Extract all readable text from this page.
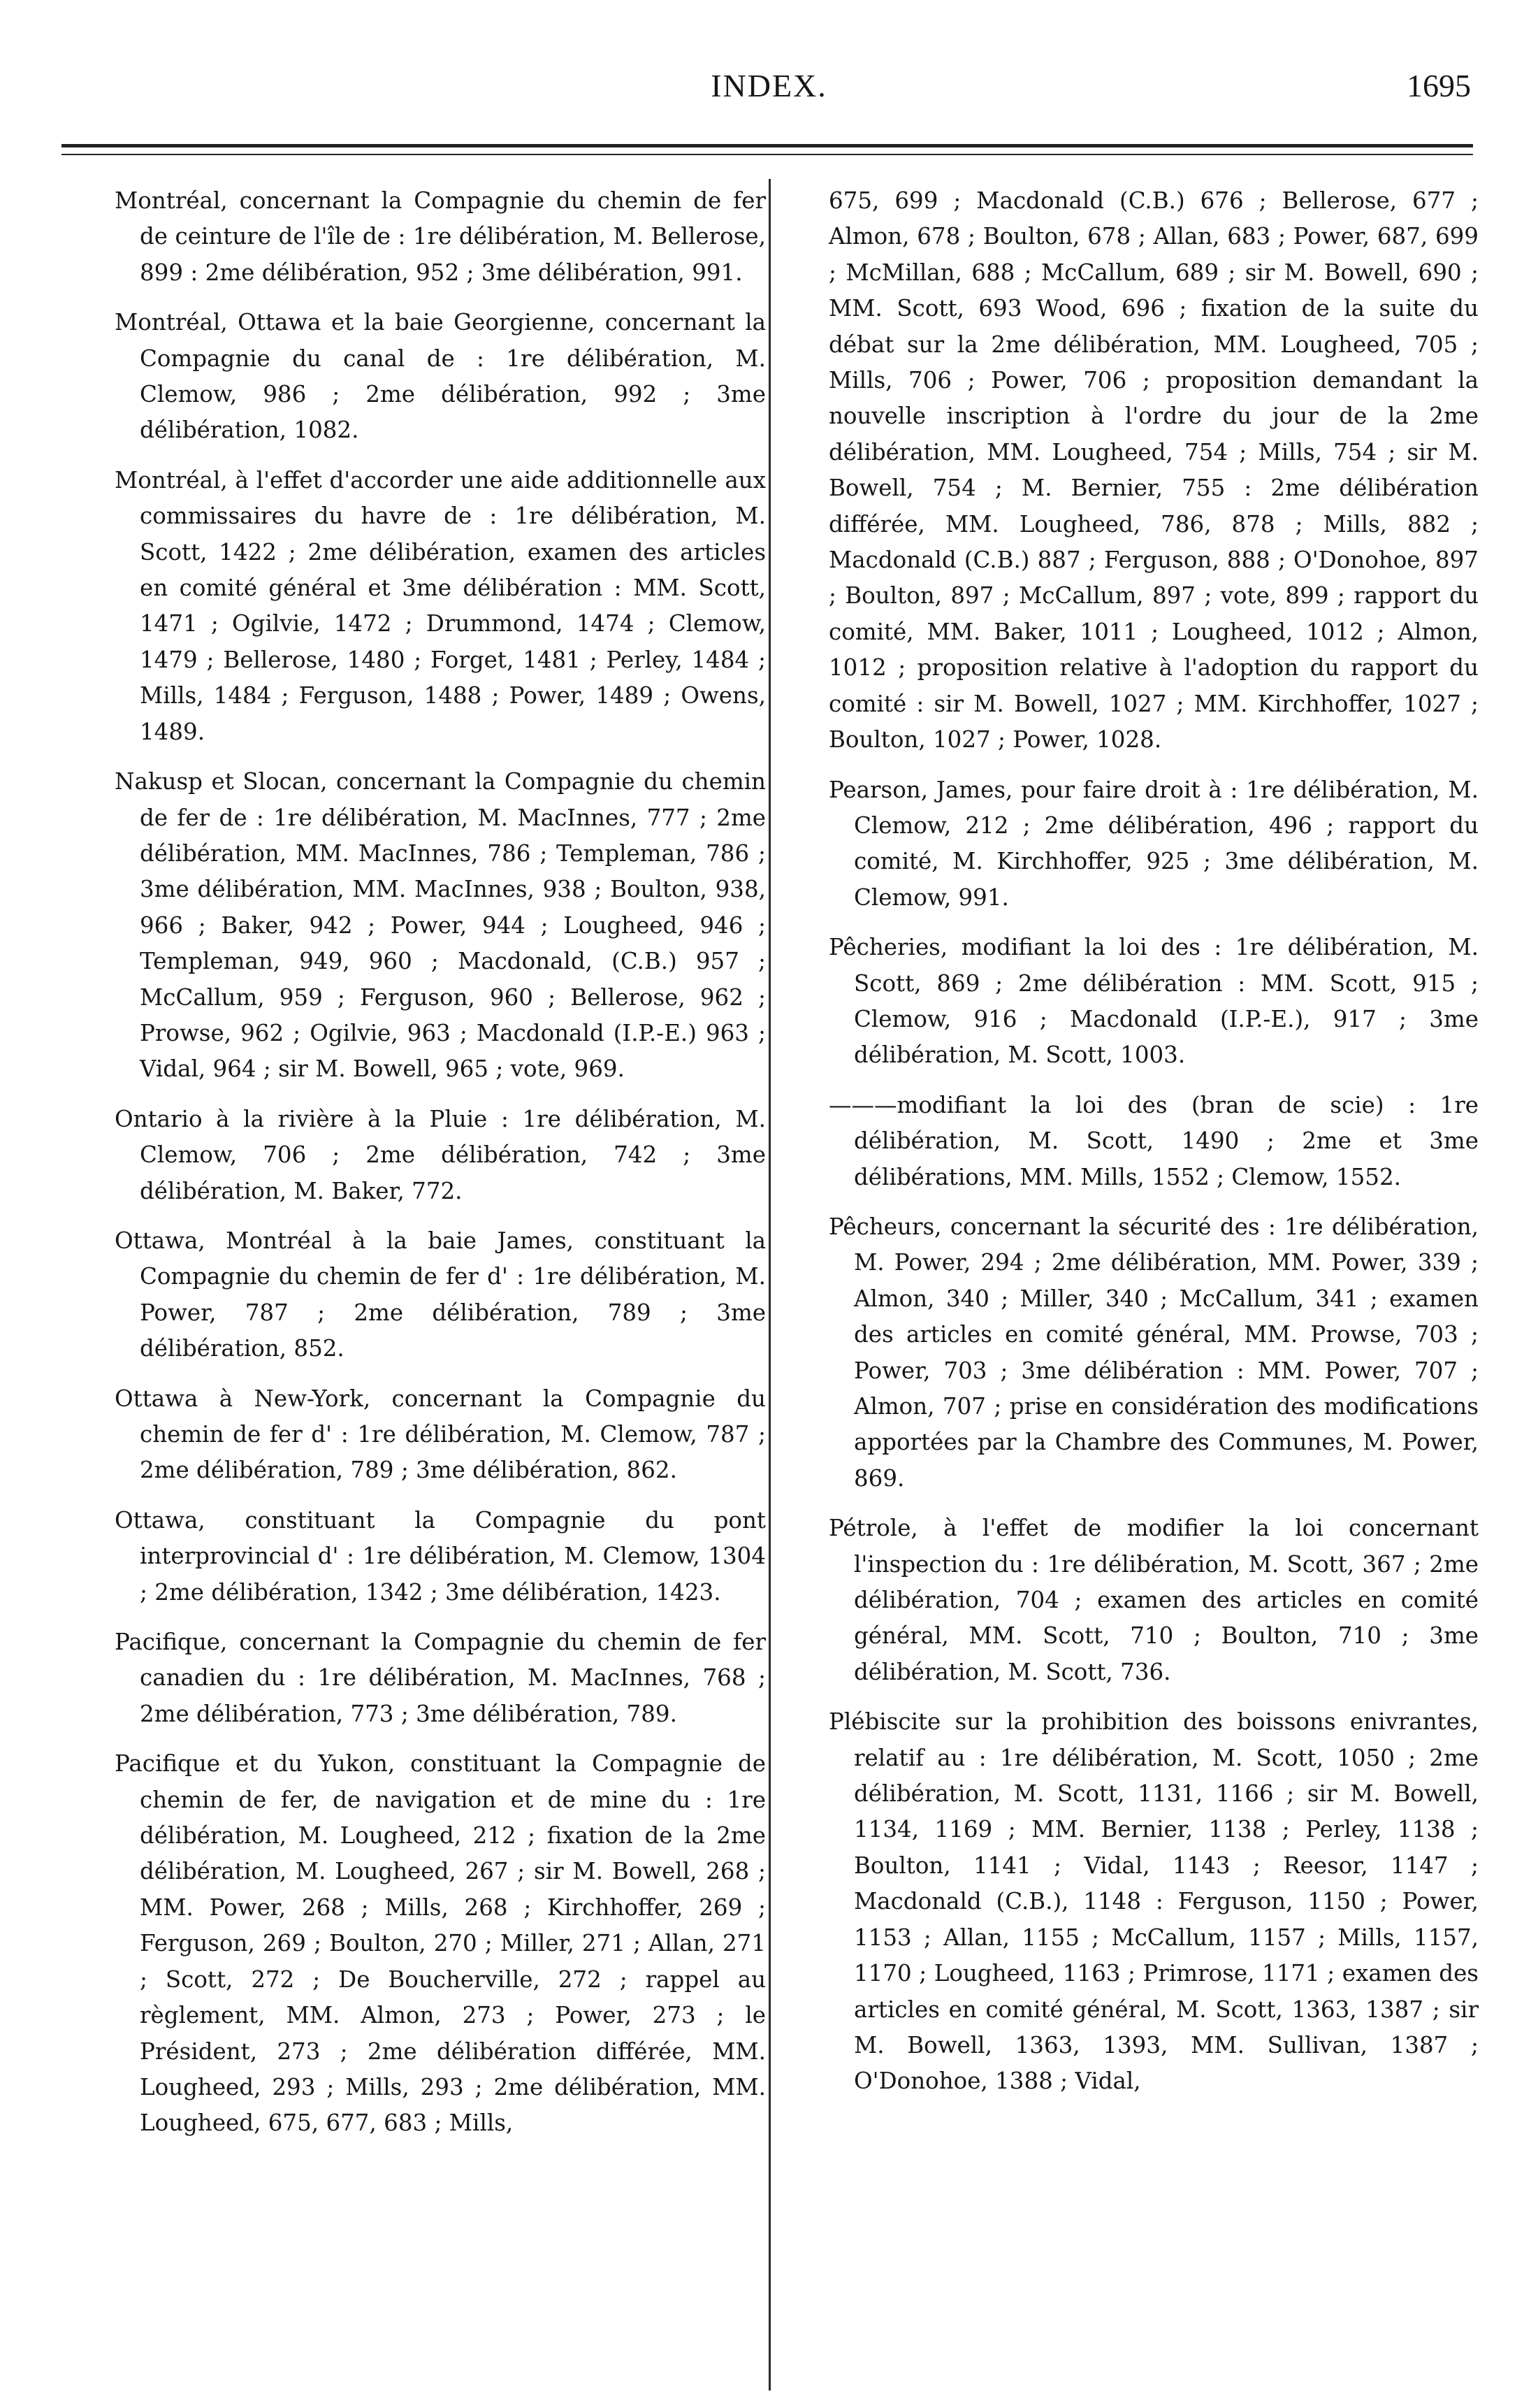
INDEX.	1695

Montréal, concernant la Compagnie du chemin de fer de ceinture de l'île de : 1re délibération, M. Bellerose, 899 : 2me délibération, 952 ; 3me délibération, 991.

Montréal, Ottawa et la baie Georgienne, concernant la Compagnie du canal de : 1re délibération, M. Clemow, 986 ; 2me délibération, 992 ; 3me délibération, 1082.

Montréal, à l'effet d'accorder une aide additionnelle aux commissaires du havre de : 1re délibération, M. Scott, 1422 ; 2me délibération, examen des articles en comité général et 3me délibération : MM. Scott, 1471 ; Ogilvie, 1472 ; Drummond, 1474 ; Clemow, 1479 ; Bellerose, 1480 ; Forget, 1481 ; Perley, 1484 ; Mills, 1484 ; Ferguson, 1488 ; Power, 1489 ; Owens, 1489.

Nakusp et Slocan, concernant la Compagnie du chemin de fer de : 1re délibération, M. MacInnes, 777 ; 2me délibération, MM. MacInnes, 786 ; Templeman, 786 ; 3me délibération, MM. MacInnes, 938 ; Boulton, 938, 966 ; Baker, 942 ; Power, 944 ; Lougheed, 946 ; Templeman, 949, 960 ; Macdonald, (C.B.) 957 ; McCallum, 959 ; Ferguson, 960 ; Bellerose, 962 ; Prowse, 962 ; Ogilvie, 963 ; Macdonald (I.P.-E.) 963 ; Vidal, 964 ; sir M. Bowell, 965 ; vote, 969.

Ontario à la rivière à la Pluie : 1re délibération, M. Clemow, 706 ; 2me délibération, 742 ; 3me délibération, M. Baker, 772.

Ottawa, Montréal à la baie James, constituant la Compagnie du chemin de fer d' : 1re délibération, M. Power, 787 ; 2me délibération, 789 ; 3me délibération, 852.

Ottawa à New-York, concernant la Compagnie du chemin de fer d' : 1re délibération, M. Clemow, 787 ; 2me délibération, 789 ; 3me délibération, 862.

Ottawa, constituant la Compagnie du pont interprovincial d' : 1re délibération, M. Clemow, 1304 ; 2me délibération, 1342 ; 3me délibération, 1423.

Pacifique, concernant la Compagnie du chemin de fer canadien du : 1re délibération, M. MacInnes, 768 ; 2me délibération, 773 ; 3me délibération, 789.

Pacifique et du Yukon, constituant la Compagnie de chemin de fer, de navigation et de mine du : 1re délibération, M. Lougheed, 212 ; fixation de la 2me délibération, M. Lougheed, 267 ; sir M. Bowell, 268 ; MM. Power, 268 ; Mills, 268 ; Kirchhoffer, 269 ; Ferguson, 269 ; Boulton, 270 ; Miller, 271 ; Allan, 271 ; Scott, 272 ; De Boucherville, 272 ; rappel au règlement, MM. Almon, 273 ; Power, 273 ; le Président, 273 ; 2me délibération différée, MM. Lougheed, 293 ; Mills, 293 ; 2me délibération, MM. Lougheed, 675, 677, 683 ; Mills,

675, 699 ; Macdonald (C.B.) 676 ; Bellerose, 677 ; Almon, 678 ; Boulton, 678 ; Allan, 683 ; Power, 687, 699 ; McMillan, 688 ; McCallum, 689 ; sir M. Bowell, 690 ; MM. Scott, 693 Wood, 696 ; fixation de la suite du débat sur la 2me délibération, MM. Lougheed, 705 ; Mills, 706 ; Power, 706 ; proposition demandant la nouvelle inscription à l'ordre du jour de la 2me délibération, MM. Lougheed, 754 ; Mills, 754 ; sir M. Bowell, 754 ; M. Bernier, 755 : 2me délibération différée, MM. Lougheed, 786, 878 ; Mills, 882 ; Macdonald (C.B.) 887 ; Ferguson, 888 ; O'Donohoe, 897 ; Boulton, 897 ; McCallum, 897 ; vote, 899 ; rapport du comité, MM. Baker, 1011 ; Lougheed, 1012 ; Almon, 1012 ; proposition relative à l'adoption du rapport du comité : sir M. Bowell, 1027 ; MM. Kirchhoffer, 1027 ; Boulton, 1027 ; Power, 1028.

Pearson, James, pour faire droit à : 1re délibération, M. Clemow, 212 ; 2me délibération, 496 ; rapport du comité, M. Kirchhoffer, 925 ; 3me délibération, M. Clemow, 991.

Pêcheries, modifiant la loi des : 1re délibération, M. Scott, 869 ; 2me délibération : MM. Scott, 915 ; Clemow, 916 ; Macdonald (I.P.-E.), 917 ; 3me délibération, M. Scott, 1003.

———modifiant la loi des (bran de scie) : 1re délibération, M. Scott, 1490 ; 2me et 3me délibérations, MM. Mills, 1552 ; Clemow, 1552.

Pêcheurs, concernant la sécurité des : 1re délibération, M. Power, 294 ; 2me délibération, MM. Power, 339 ; Almon, 340 ; Miller, 340 ; McCallum, 341 ; examen des articles en comité général, MM. Prowse, 703 ; Power, 703 ; 3me délibération : MM. Power, 707 ; Almon, 707 ; prise en considération des modifications apportées par la Chambre des Communes, M. Power, 869.

Pétrole, à l'effet de modifier la loi concernant l'inspection du : 1re délibération, M. Scott, 367 ; 2me délibération, 704 ; examen des articles en comité général, MM. Scott, 710 ; Boulton, 710 ; 3me délibération, M. Scott, 736.

Plébiscite sur la prohibition des boissons enivrantes, relatif au : 1re délibération, M. Scott, 1050 ; 2me délibération, M. Scott, 1131, 1166 ; sir M. Bowell, 1134, 1169 ; MM. Bernier, 1138 ; Perley, 1138 ; Boulton, 1141 ; Vidal, 1143 ; Reesor, 1147 ; Macdonald (C.B.), 1148 : Ferguson, 1150 ; Power, 1153 ; Allan, 1155 ; McCallum, 1157 ; Mills, 1157, 1170 ; Lougheed, 1163 ; Primrose, 1171 ; examen des articles en comité général, M. Scott, 1363, 1387 ; sir M. Bowell, 1363, 1393, MM. Sullivan, 1387 ; O'Donohoe, 1388 ; Vidal,
